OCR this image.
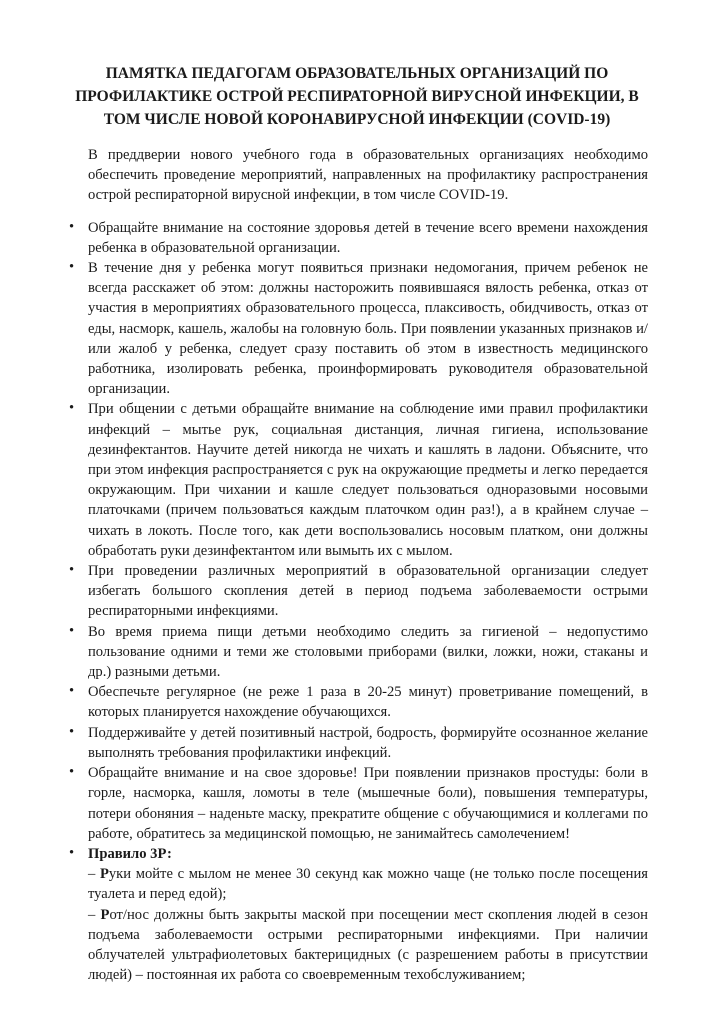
ПАМЯТКА ПЕДАГОГАМ ОБРАЗОВАТЕЛЬНЫХ ОРГАНИЗАЦИЙ ПО ПРОФИЛАКТИКЕ ОСТРОЙ РЕСПИРАТОРНОЙ ВИРУСНОЙ ИНФЕКЦИИ, В ТОМ ЧИСЛЕ НОВОЙ КОРОНАВИРУСНОЙ ИНФЕКЦИИ (COVID-19)

В преддверии нового учебного года в образовательных организациях необходимо обеспечить проведение мероприятий, направленных на профилактику распространения острой респираторной вирусной инфекции, в том числе COVID-19.

• Обращайте внимание на состояние здоровья детей в течение всего времени нахождения ребенка в образовательной организации.

• В течение дня у ребенка могут появиться признаки недомогания, причем ребенок не всегда расскажет об этом: должны насторожить появившаяся вялость ребенка, отказ от участия в мероприятиях образовательного процесса, плаксивость, обидчивость, отказ от еды, насморк, кашель, жалобы на головную боль. При появлении указанных признаков и/или жалоб у ребенка, следует сразу поставить об этом в известность медицинского работника, изолировать ребенка, проинформировать руководителя образовательной организации.

• При общении с детьми обращайте внимание на соблюдение ими правил профилактики инфекций – мытье рук, социальная дистанция, личная гигиена, использование дезинфектантов. Научите детей никогда не чихать и кашлять в ладони. Объясните, что при этом инфекция распространяется с рук на окружающие предметы и легко передается окружающим. При чихании и кашле следует пользоваться одноразовыми носовыми платочками (причем пользоваться каждым платочком один раз!), а в крайнем случае – чихать в локоть. После того, как дети воспользовались носовым платком, они должны обработать руки дезинфектантом или вымыть их с мылом.

• При проведении различных мероприятий в образовательной организации следует избегать большого скопления детей в период подъема заболеваемости острыми респираторными инфекциями.

• Во время приема пищи детьми необходимо следить за гигиеной – недопустимо пользование одними и теми же столовыми приборами (вилки, ложки, ножи, стаканы и др.) разными детьми.

• Обеспечьте регулярное (не реже 1 раза в 20-25 минут) проветривание помещений, в которых планируется нахождение обучающихся.

• Поддерживайте у детей позитивный настрой, бодрость, формируйте осознанное желание выполнять требования профилактики инфекций.

• Обращайте внимание и на свое здоровье! При появлении признаков простуды: боли в горле, насморка, кашля, ломоты в теле (мышечные боли), повышения температуры, потери обоняния – наденьте маску, прекратите общение с обучающимися и коллегами по работе, обратитесь за медицинской помощью, не занимайтесь самолечением!

• Правило 3Р:

– Руки мойте с мылом не менее 30 секунд как можно чаще (не только после посещения туалета и перед едой);

– Рот/нос должны быть закрыты маской при посещении мест скопления людей в сезон подъема заболеваемости острыми респираторными инфекциями. При наличии облучателей ультрафиолетовых бактерицидных (с разрешением работы в присутствии людей) – постоянная их работа со своевременным техобслуживанием;
